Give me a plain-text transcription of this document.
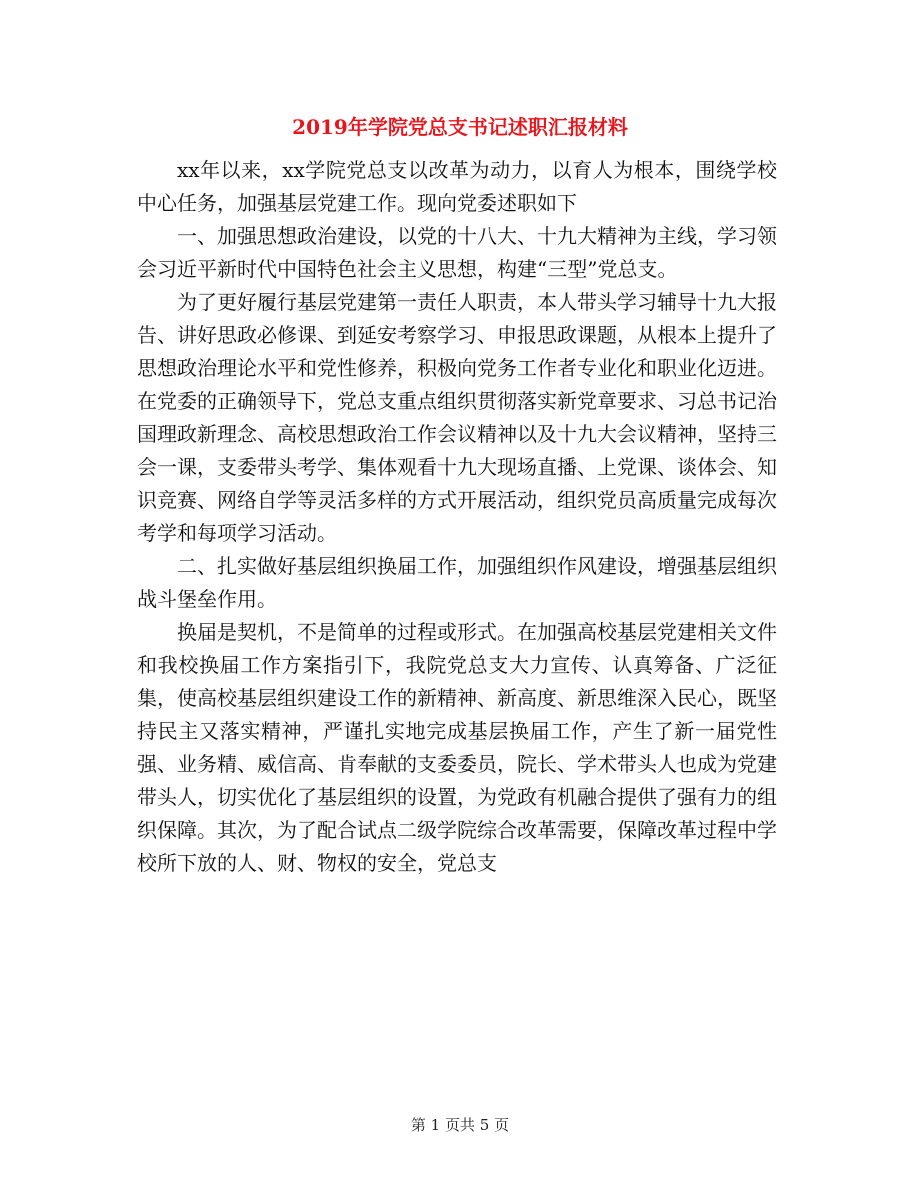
2019年学院党总支书记述职汇报材料

xx年以来，xx学院党总支以改革为动力，以育人为根本，围绕学校中心任务，加强基层党建工作。现向党委述职如下

一、加强思想政治建设，以党的十八大、十九大精神为主线，学习领会习近平新时代中国特色社会主义思想，构建“三型”党总支。

为了更好履行基层党建第一责任人职责，本人带头学习辅导十九大报告、讲好思政必修课、到延安考察学习、申报思政课题，从根本上提升了思想政治理论水平和党性修养，积极向党务工作者专业化和职业化迈进。在党委的正确领导下，党总支重点组织贯彻落实新党章要求、习总书记治国理政新理念、高校思想政治工作会议精神以及十九大会议精神，坚持三会一课，支委带头考学、集体观看十九大现场直播、上党课、谈体会、知识竞赛、网络自学等灵活多样的方式开展活动，组织党员高质量完成每次考学和每项学习活动。

二、扎实做好基层组织换届工作，加强组织作风建设，增强基层组织战斗堡垒作用。

换届是契机，不是简单的过程或形式。在加强高校基层党建相关文件和我校换届工作方案指引下，我院党总支大力宣传、认真筹备、广泛征集，使高校基层组织建设工作的新精神、新高度、新思维深入民心，既坚持民主又落实精神，严谨扎实地完成基层换届工作，产生了新一届党性强、业务精、威信高、肯奉献的支委委员，院长、学术带头人也成为党建带头人，切实优化了基层组织的设置，为党政有机融合提供了强有力的组织保障。其次，为了配合试点二级学院综合改革需要，保障改革过程中学校所下放的人、财、物权的安全，党总支

第 1 页共 5 页
